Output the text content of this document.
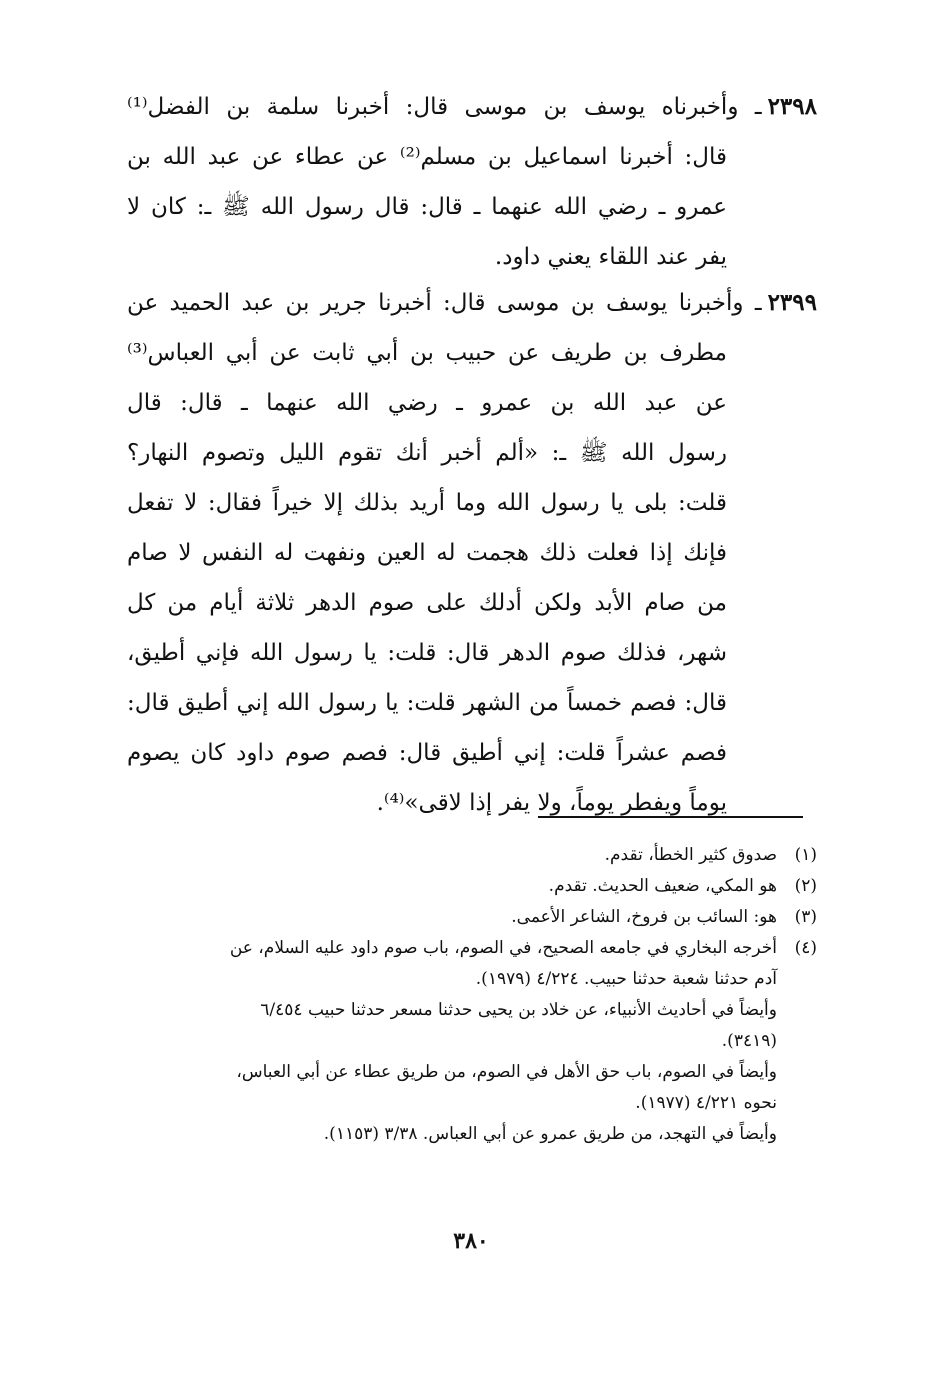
٢٣٩٨ـ وأخبرناه يوسف بن موسى قال: أخبرنا سلمة بن الفضل⁽¹⁾
قال: أخبرنا اسماعيل بن مسلم⁽²⁾ عن عطاء عن عبد الله بن
عمرو ـ رضي الله عنهما ـ قال: قال رسول الله ﷺ ـ: كان لا
يفر عند اللقاء يعني داود.
٢٣٩٩ـ وأخبرنا يوسف بن موسى قال: أخبرنا جرير بن عبد الحميد عن
مطرف بن طريف عن حبيب بن أبي ثابت عن أبي العباس⁽³⁾
عن عبد الله بن عمرو ـ رضي الله عنهما ـ قال: قال
رسول الله ﷺ ـ: «ألم أخبر أنك تقوم الليل وتصوم النهار؟
قلت: بلى يا رسول الله وما أريد بذلك إلا خيراً فقال: لا تفعل
فإنك إذا فعلت ذلك هجمت له العين ونفهت له النفس لا صام
من صام الأبد ولكن أدلك على صوم الدهر ثلاثة أيام من كل
شهر، فذلك صوم الدهر قال: قلت: يا رسول الله فإني أطيق،
قال: فصم خمساً من الشهر قلت: يا رسول الله إني أطيق قال:
فصم عشراً قلت: إني أطيق قال: فصم صوم داود كان يصوم
يوماً ويفطر يوماً، ولا يفر إذا لاقى»⁽⁴⁾.
(١)صدوق كثير الخطأ، تقدم.
(٢)هو المكي، ضعيف الحديث. تقدم.
(٣)هو: السائب بن فروخ، الشاعر الأعمى.
(٤)أخرجه البخاري في جامعه الصحيح، في الصوم، باب صوم داود عليه السلام، عن
آدم حدثنا شعبة حدثنا حبيب. ٤/٢٢٤ (١٩٧٩).
وأيضاً في أحاديث الأنبياء، عن خلاد بن يحيى حدثنا مسعر حدثنا حبيب ٦/٤٥٤
(٣٤١٩).
وأيضاً في الصوم، باب حق الأهل في الصوم، من طريق عطاء عن أبي العباس،
نحوه ٤/٢٢١ (١٩٧٧).
وأيضاً في التهجد، من طريق عمرو عن أبي العباس. ٣/٣٨ (١١٥٣).
٣٨٠
